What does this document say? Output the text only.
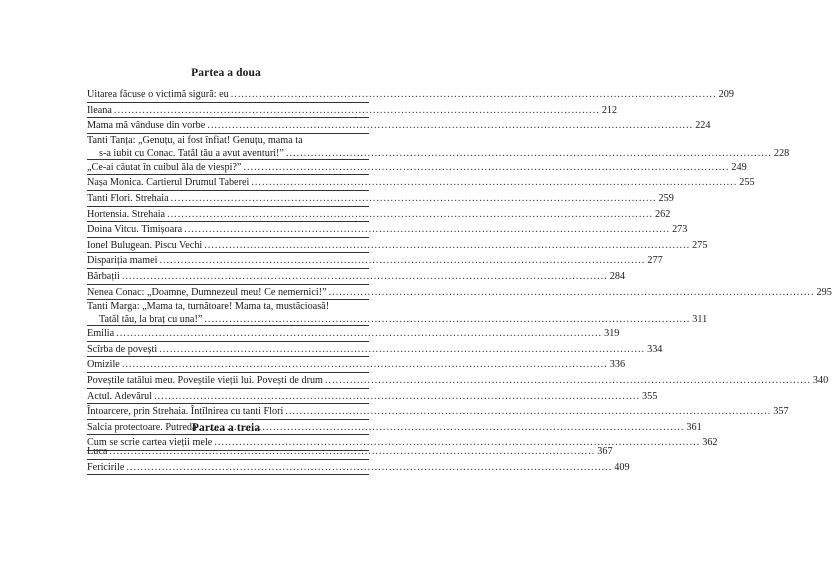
Partea a doua
Uitarea făcuse o victimă sigură: eu .....	209
Ileana .....	212
Mama mă vânduse din vorbe .....	224
Tanti Tanța: „Genuțu, ai fost înfiat! Genuțu, mama ta
s-a iubit cu Conac. Tatăl tău a avut aventuri!” .....	228
„Ce-ai căutat în cuibul ăla de viespi?” .....	249
Nașa Monica. Cartierul Drumul Taberei .....	255
Tanti Flori. Strehaia .....	259
Hortensia. Strehaia .....	262
Doina Vitcu. Timișoara .....	273
Ionel Bulugean. Piscu Vechi .....	275
Dispariția mamei .....	277
Bărbații .....	284
Nenea Conac: „Doamne, Dumnezeul meu! Ce nemernici!” .....	295
Tanti Marga: „Mama ta, turnătoare! Mama ta, mustăcioasă!
Tatăl tău, la braț cu una!” .....	311
Emilia .....	319
Scîrba de povești .....	334
Omizile .....	336
Poveștile tatălui meu. Poveștile vieții lui. Povești de drum .....	340
Actul. Adevărul .....	355
Întoarcere, prin Strehaia. Întîlnirea cu tanti Flori .....	357
Salcia protectoare. Putredă .....	361
Cum se scrie cartea vieții mele .....	362
Partea a treia
Luca .....	367
Fericirile .....	409
